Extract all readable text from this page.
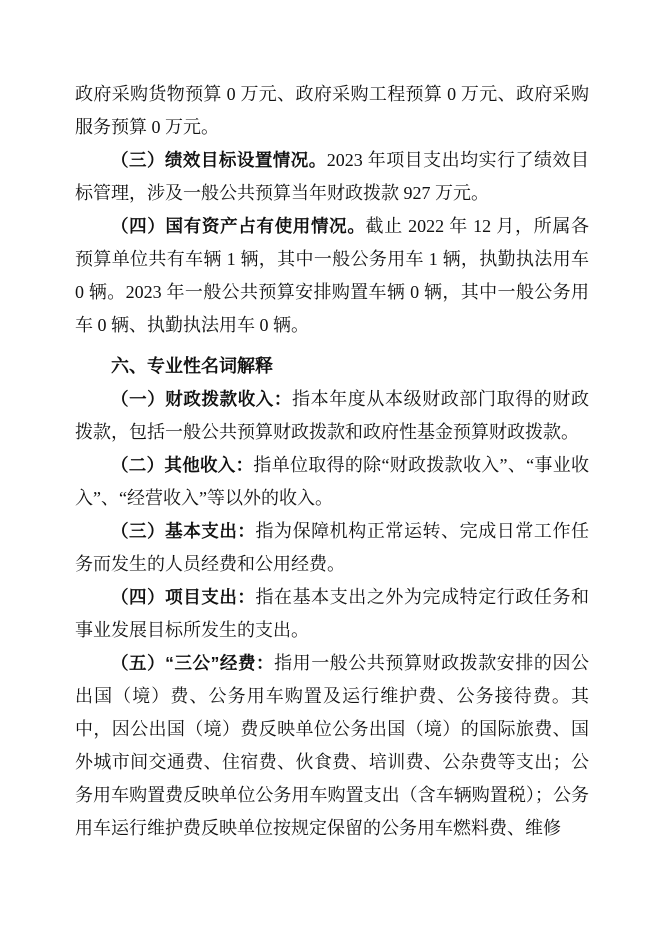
政府采购货物预算 0 万元、政府采购工程预算 0 万元、政府采购服务预算 0 万元。

（三）绩效目标设置情况。2023 年项目支出均实行了绩效目标管理，涉及一般公共预算当年财政拨款 927 万元。

（四）国有资产占有使用情况。截止 2022 年 12 月，所属各预算单位共有车辆 1 辆，其中一般公务用车 1 辆，执勤执法用车 0 辆。2023 年一般公共预算安排购置车辆 0 辆，其中一般公务用车 0 辆、执勤执法用车 0 辆。

六、专业性名词解释

（一）财政拨款收入：指本年度从本级财政部门取得的财政拨款，包括一般公共预算财政拨款和政府性基金预算财政拨款。

（二）其他收入：指单位取得的除“财政拨款收入”、“事业收入”、“经营收入”等以外的收入。

（三）基本支出：指为保障机构正常运转、完成日常工作任务而发生的人员经费和公用经费。

（四）项目支出：指在基本支出之外为完成特定行政任务和事业发展目标所发生的支出。

（五）“三公”经费：指用一般公共预算财政拨款安排的因公出国（境）费、公务用车购置及运行维护费、公务接待费。其中，因公出国（境）费反映单位公务出国（境）的国际旅费、国外城市间交通费、住宿费、伙食费、培训费、公杂费等支出；公务用车购置费反映单位公务用车购置支出（含车辆购置税）；公务用车运行维护费反映单位按规定保留的公务用车燃料费、维修
